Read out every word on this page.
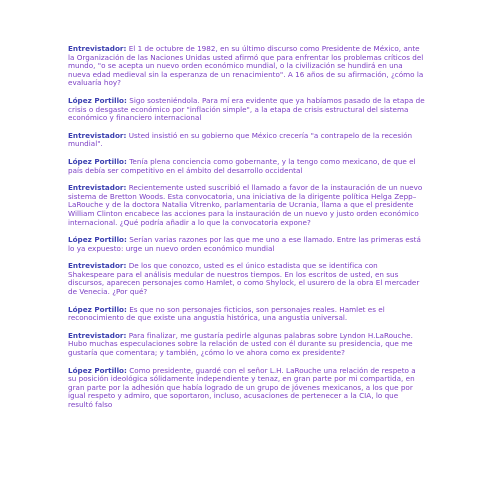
Entrevistador: El 1 de octubre de 1982, en su último discurso como Presidente de México, ante la Organización de las Naciones Unidas usted afirmó que para enfrentar los problemas críticos del mundo, "o se acepta un nuevo orden económico mundial, o la civilización se hundirá en una nueva edad medieval sin la esperanza de un renacimiento". A 16 años de su afirmación, ¿cómo la evaluaría hoy?

López Portillo: Sigo sosteniéndola. Para mí era evidente que ya habíamos pasado de la etapa de crisis o desgaste económico por "inflación simple", a la etapa de crisis estructural del sistema económico y financiero internacional

Entrevistador: Usted insistió en su gobierno que México crecería "a contrapelo de la recesión mundial".

López Portillo: Tenía plena conciencia como gobernante, y la tengo como mexicano, de que el país debía ser competitivo en el ámbito del desarrollo occidental

Entrevistador: Recientemente usted suscribió el llamado a favor de la instauración de un nuevo sistema de Bretton Woods. Esta convocatoria, una iniciativa de la dirigente política Helga Zepp–LaRouche y de la doctora Natalia Vitrenko, parlamentaria de Ucrania, llama a que el presidente William Clinton encabece las acciones para la instauración de un nuevo y justo orden económico internacional. ¿Qué podría añadir a lo que la convocatoria expone?

López Portillo: Serían varias razones por las que me uno a ese llamado. Entre las primeras está lo ya expuesto: urge un nuevo orden económico mundial

Entrevistador: De los que conozco, usted es el único estadista que se identifica con Shakespeare para el análisis medular de nuestros tiempos. En los escritos de usted, en sus discursos, aparecen personajes como Hamlet, o como Shylock, el usurero de la obra El mercader de Venecia. ¿Por qué?

López Portillo: Es que no son personajes ficticios, son personajes reales. Hamlet es el reconocimiento de que existe una angustia histórica, una angustia universal.

Entrevistador: Para finalizar, me gustaría pedirle algunas palabras sobre Lyndon H.LaRouche. Hubo muchas especulaciones sobre la relación de usted con él durante su presidencia, que me gustaría que comentara; y también, ¿cómo lo ve ahora como ex presidente?

López Portillo: Como presidente, guardé con el señor L.H. LaRouche una relación de respeto a su posición ideológica sólidamente independiente y tenaz, en gran parte por mi compartida, en gran parte por la adhesión que había logrado de un grupo de jóvenes mexicanos, a los que por igual respeto y admiro, que soportaron, incluso, acusaciones de pertenecer a la CIA, lo que resultó falso
